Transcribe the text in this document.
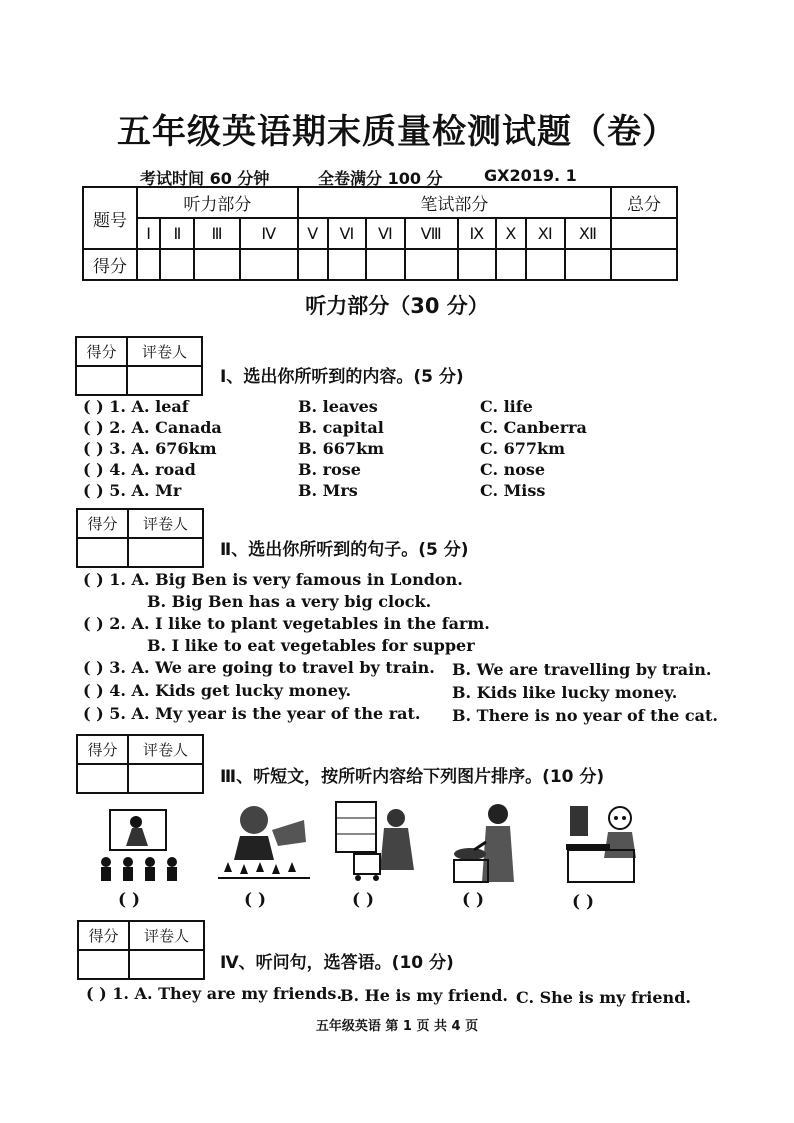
五年级英语期末质量检测试题（卷）
考试时间 60 分钟	全卷满分 100 分	GX2019. 1
题号	听力部分				笔试部分								总分
	Ⅰ	Ⅱ	Ⅲ	Ⅳ	Ⅴ	Ⅵ	Ⅵ	Ⅷ	Ⅸ	Ⅹ	Ⅺ	Ⅻ	
得分													
听力部分（30 分）
得分	评卷人

Ⅰ、选出你所听到的内容。(5 分)
( ) 1. A. leaf	B. leaves	C. life
( ) 2. A. Canada	B. capital	C. Canberra
( ) 3. A. 676km	B. 667km	C. 677km
( ) 4. A. road	B. rose	C. nose
( ) 5. A. Mr	B. Mrs	C. Miss
得分	评卷人

Ⅱ、选出你所听到的句子。(5 分)
( ) 1. A. Big Ben is very famous in London.
B. Big Ben has a very big clock.
( ) 2. A. I like to plant vegetables in the farm.
B. I like to eat vegetables for supper
( ) 3. A. We are going to travel by train. B. We are travelling by train.
( ) 4. A. Kids get lucky money.	B. Kids like lucky money.
( ) 5. A. My year is the year of the rat. B. There is no year of the cat.
得分	评卷人

Ⅲ、听短文，按所听内容给下列图片排序。(10 分)
( )	( )	( )	( )	( )
得分	评卷人

Ⅳ、听问句，选答语。(10 分)
( ) 1. A. They are my friends.
B. He is my friend. C. She is my friend.
五年级英语 第 1 页 共 4 页
